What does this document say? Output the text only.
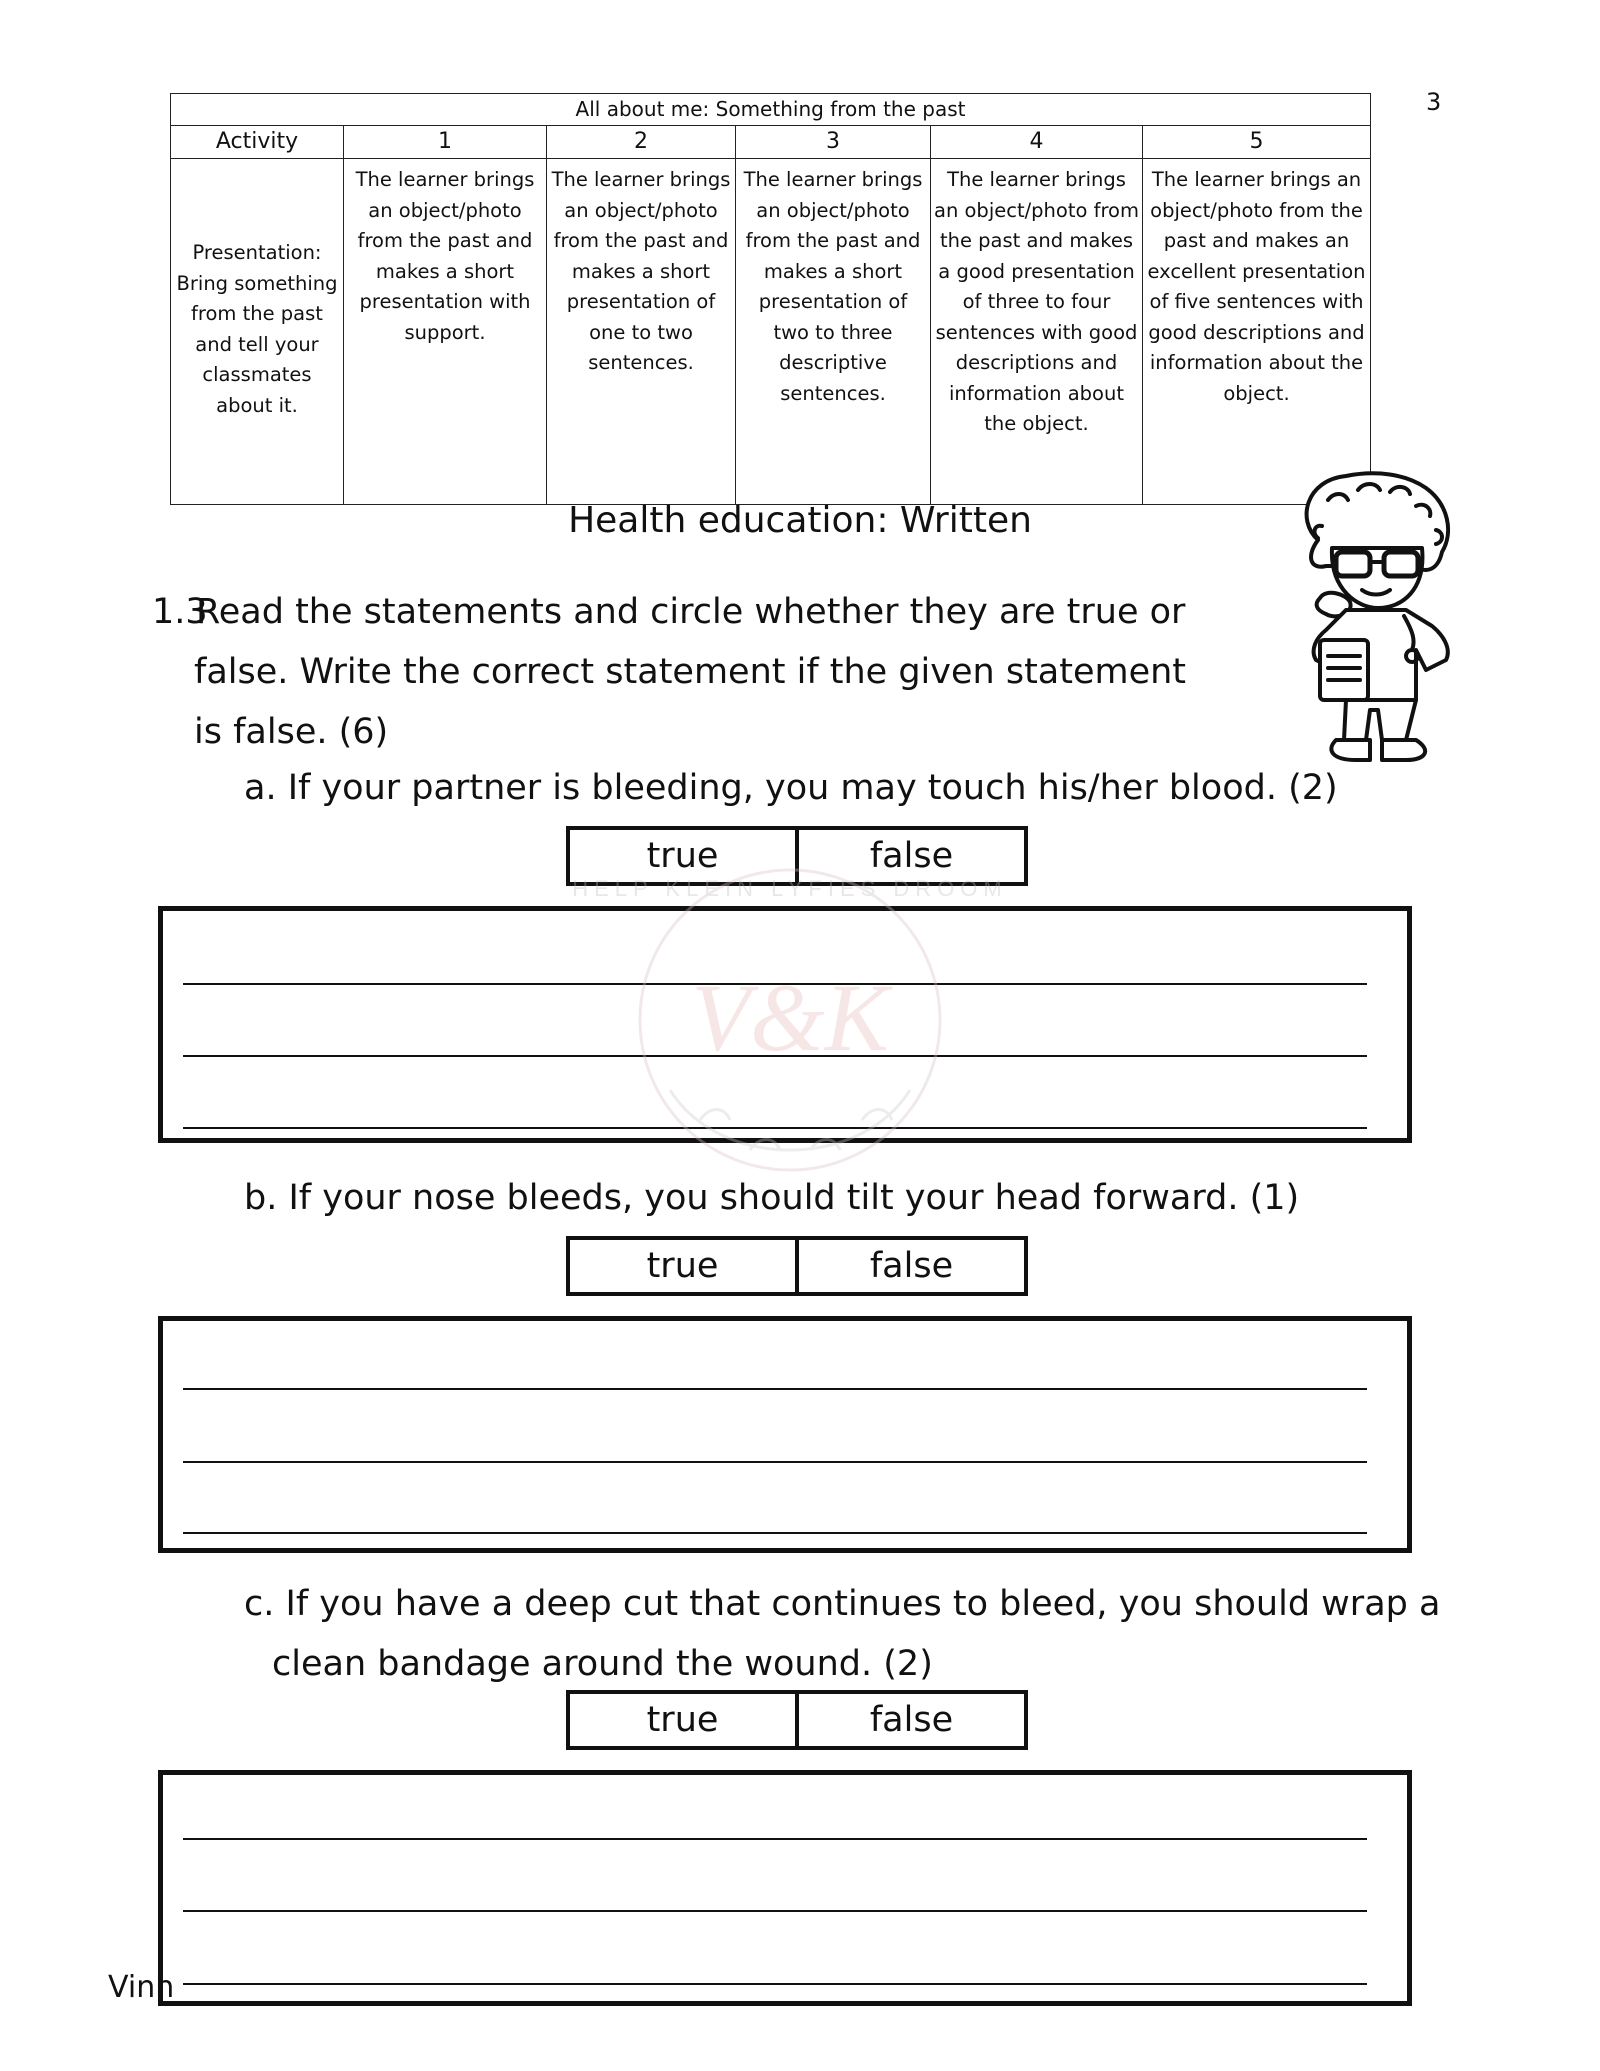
3
All about me: Something from the past					
Activity	1	2	3	4	5
Presentation: Bring something from the past and tell your classmates about it.	The learner brings an object/photo from the past and makes a short presentation with support.	The learner brings an object/photo from the past and makes a short presentation of one to two sentences.	The learner brings an object/photo from the past and makes a short presentation of two to three descriptive sentences.	The learner brings an object/photo from the past and makes a good presentation of three to four sentences with good descriptions and information about the object.	The learner brings an object/photo from the past and makes an excellent presentation of five sentences with good descriptions and information about the object.
Health education: Written

1.3Read the statements and circle whether they are true or
false. Write the correct statement if the given statement
is false. (6)

a. If your partner is bleeding, you may touch his/her blood. (2)

true	false
V&K
HELP KLEIN LYFIES DROOM

b. If your nose bleeds, you should tilt your head forward. (1)

true	false

c. If you have a deep cut that continues to bleed, you should wrap a

clean bandage around the wound. (2)

true	false
Vinh
